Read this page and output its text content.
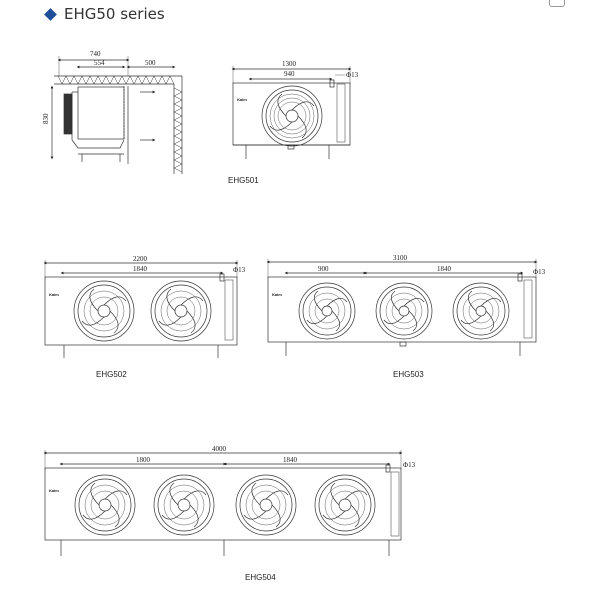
EHG50 series
740
554	500
830
1300
940	Φ13
Kaim
EHG501
2200
1840	Φ13
Kaim
EHG502
3100
900	1840	Φ13
Kaim
EHG503
4000
1800	1840
Φ13
Kaim
EHG504
